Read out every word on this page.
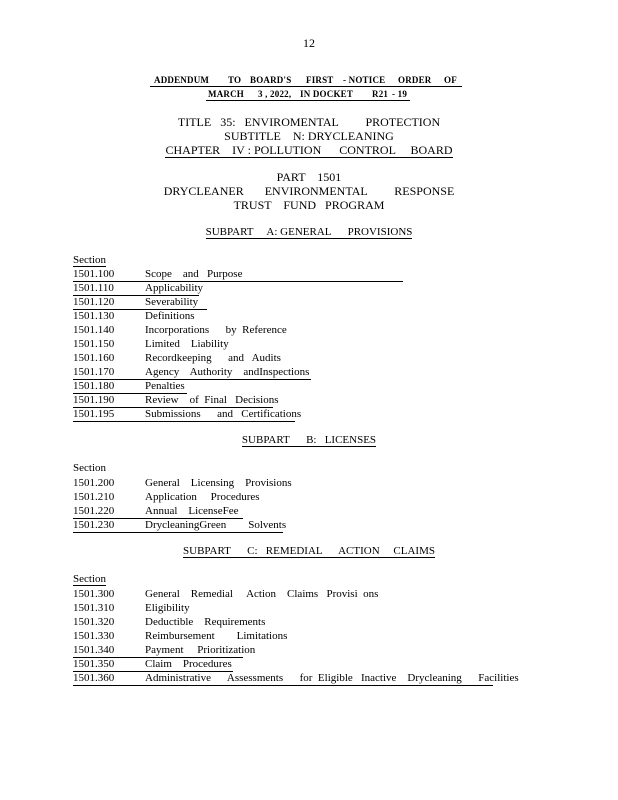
12
ADDENDUM TO BOARD'S FIRST - NOTICE ORDER OF
MARCH 3 , 2022, IN DOCKET R21 - 19
TITLE   35:   ENVIROMENTAL         PROTECTION
SUBTITLE    N: DRYCLEANING
CHAPTER    IV : POLLUTION      CONTROL     BOARD
PART    1501
DRYCLEANER       ENVIRONMENTAL         RESPONSE
TRUST    FUND   PROGRAM
SUBPART     A: GENERAL      PROVISIONS
Section
1501.100	Scope    and   Purpose
1501.110	Applicability
1501.120	Severability
1501.130	Definitions
1501.140	Incorporations      by  Reference
1501.150	Limited    Liability
1501.160	Recordkeeping      and   Audits
1501.170	Agency    Authority    andInspections
1501.180	Penalties
1501.190	Review    of  Final   Decisions
1501.195	Submissions      and   Certifications
SUBPART      B:   LICENSES
Section
1501.200	General    Licensing    Provisions
1501.210	Application     Procedures
1501.220	Annual    LicenseFee
1501.230	DrycleaningGreen        Solvents
SUBPART      C:   REMEDIAL      ACTION     CLAIMS
Section
1501.300	General    Remedial     Action    Claims   Provisi  ons
1501.310	Eligibility
1501.320	Deductible    Requirements
1501.330	Reimbursement        Limitations
1501.340	Payment     Prioritization
1501.350	Claim    Procedures
1501.360	Administrative      Assessments      for  Eligible   Inactive    Drycleaning      Facilities
